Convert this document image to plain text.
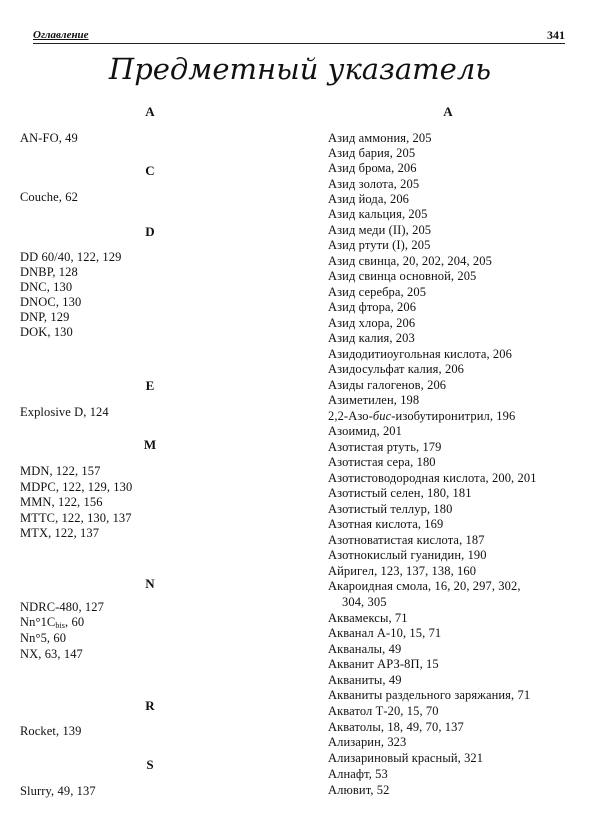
Оглавление	341
Предметный указатель
A
AN-FO, 49
C
Couche, 62
D
DD 60/40, 122, 129
DNBP, 128
DNC, 130
DNOC, 130
DNP, 129
DOK, 130
E
Explosive D, 124
M
MDN, 122, 157
MDPC, 122, 129, 130
MMN, 122, 156
MTTC, 122, 130, 137
MTX, 122, 137
N
NDRC-480, 127
$Nn^\circ 1C_{bis}$, 60
Nn°5, 60
NX, 63, 147
R
Rocket, 139
S
Slurry, 49, 137
A
Азид аммония, 205
Азид бария, 205
Азид брома, 206
Азид золота, 205
Азид йода, 206
Азид кальция, 205
Азид меди (II), 205
Азид ртути (I), 205
Азид свинца, 20, 202, 204, 205
Азид свинца основной, 205
Азид серебра, 205
Азид фтора, 206
Азид хлора, 206
Азид калия, 203
Азидодитиоугольная кислота, 206
Азидосульфат калия, 206
Азиды галогенов, 206
Азиметилен, 198
2,2-Азо-бис-изобутиронитрил, 196
Азоимид, 201
Азотистая ртуть, 179
Азотистая сера, 180
Азотистоводородная кислота, 200, 201
Азотистый селен, 180, 181
Азотистый теллур, 180
Азотная кислота, 169
Азотноватистая кислота, 187
Азотнокислый гуанидин, 190
Айригел, 123, 137, 138, 160
Акароидная смола, 16, 20, 297, 302,
304, 305
Аквамексы, 71
Акванал А-10, 15, 71
Акваналы, 49
Акванит АРЗ-8П, 15
Акваниты, 49
Акваниты раздельного заряжания, 71
Акватол Т-20, 15, 70
Акватолы, 18, 49, 70, 137
Ализарин, 323
Ализариновый красный, 321
Алнафт, 53
Алювит, 52
